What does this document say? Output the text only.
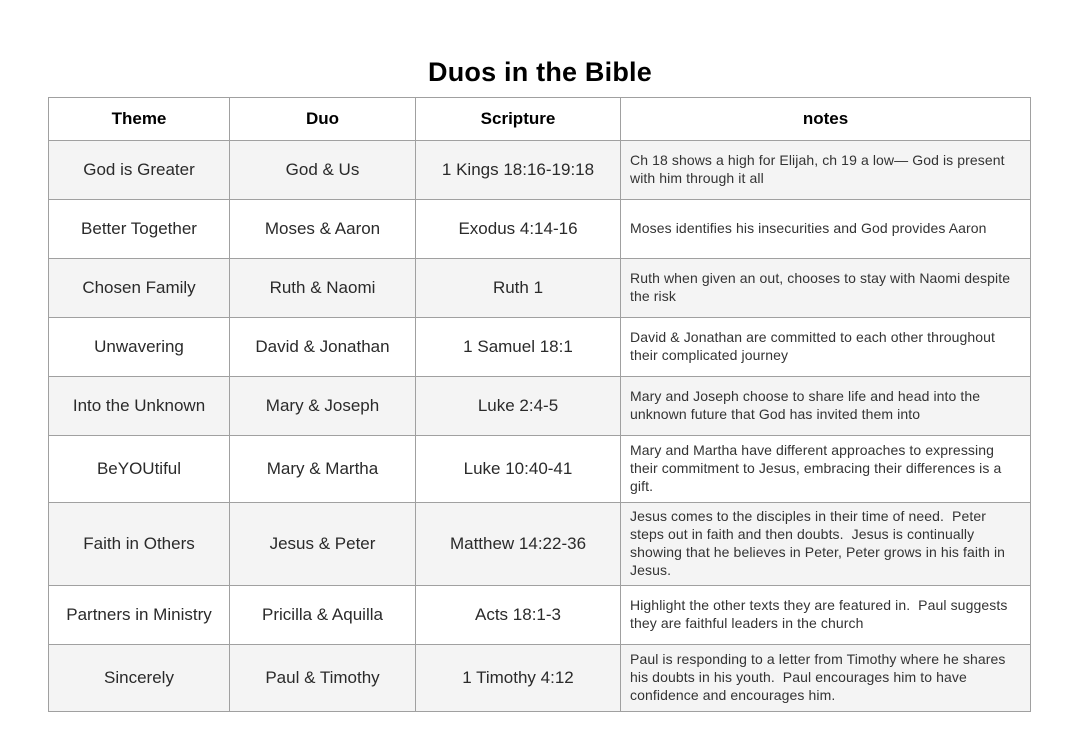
Duos in the Bible
Theme	Duo	Scripture	notes
God is Greater	God & Us	1 Kings 18:16-19:18	Ch 18 shows a high for Elijah, ch 19 a low— God is present with him through it all
Better Together	Moses & Aaron	Exodus 4:14-16	Moses identifies his insecurities and God provides Aaron
Chosen Family	Ruth & Naomi	Ruth 1	Ruth when given an out, chooses to stay with Naomi despite the risk
Unwavering	David & Jonathan	1 Samuel 18:1	David & Jonathan are committed to each other throughout their complicated journey
Into the Unknown	Mary & Joseph	Luke 2:4-5	Mary and Joseph choose to share life and head into the unknown future that God has invited them into
BeYOUtiful	Mary & Martha	Luke 10:40-41	Mary and Martha have different approaches to expressing their commitment to Jesus, embracing their differences is a gift.
Faith in Others	Jesus & Peter	Matthew 14:22-36	Jesus comes to the disciples in their time of need.  Peter steps out in faith and then doubts.  Jesus is continually showing that he believes in Peter, Peter grows in his faith in Jesus.
Partners in Ministry	Pricilla & Aquilla	Acts 18:1-3	Highlight the other texts they are featured in.  Paul suggests they are faithful leaders in the church
Sincerely	Paul & Timothy	1 Timothy 4:12	Paul is responding to a letter from Timothy where he shares his doubts in his youth.  Paul encourages him to have confidence and encourages him.
